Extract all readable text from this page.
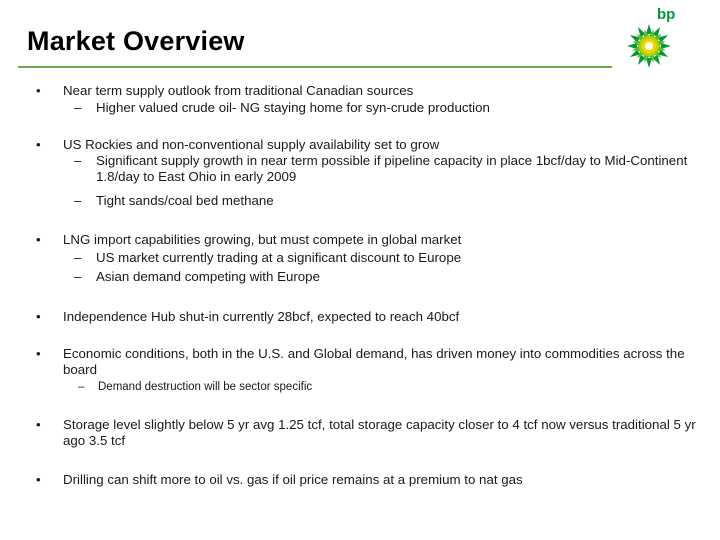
Market Overview
bp
• Near term supply outlook from traditional Canadian sources
– Higher valued crude oil- NG staying home for syn-crude production
• US Rockies and non-conventional supply availability set to grow
– Significant supply growth in near term possible if pipeline capacity in place 1bcf/day to Mid-Continent 1.8/day to East Ohio in early 2009
– Tight sands/coal bed methane
• LNG import capabilities growing, but must compete in global market
– US market currently trading at a significant discount to Europe
– Asian demand competing with Europe
• Independence Hub shut-in currently 28bcf, expected to reach 40bcf
• Economic conditions, both in the U.S. and Global demand, has driven money into commodities across the board
– Demand destruction will be sector specific
• Storage level slightly below 5 yr avg 1.25 tcf, total storage capacity closer to 4 tcf now versus traditional 5 yr ago 3.5 tcf
• Drilling can shift more to oil vs. gas if oil price remains at a premium to nat gas
